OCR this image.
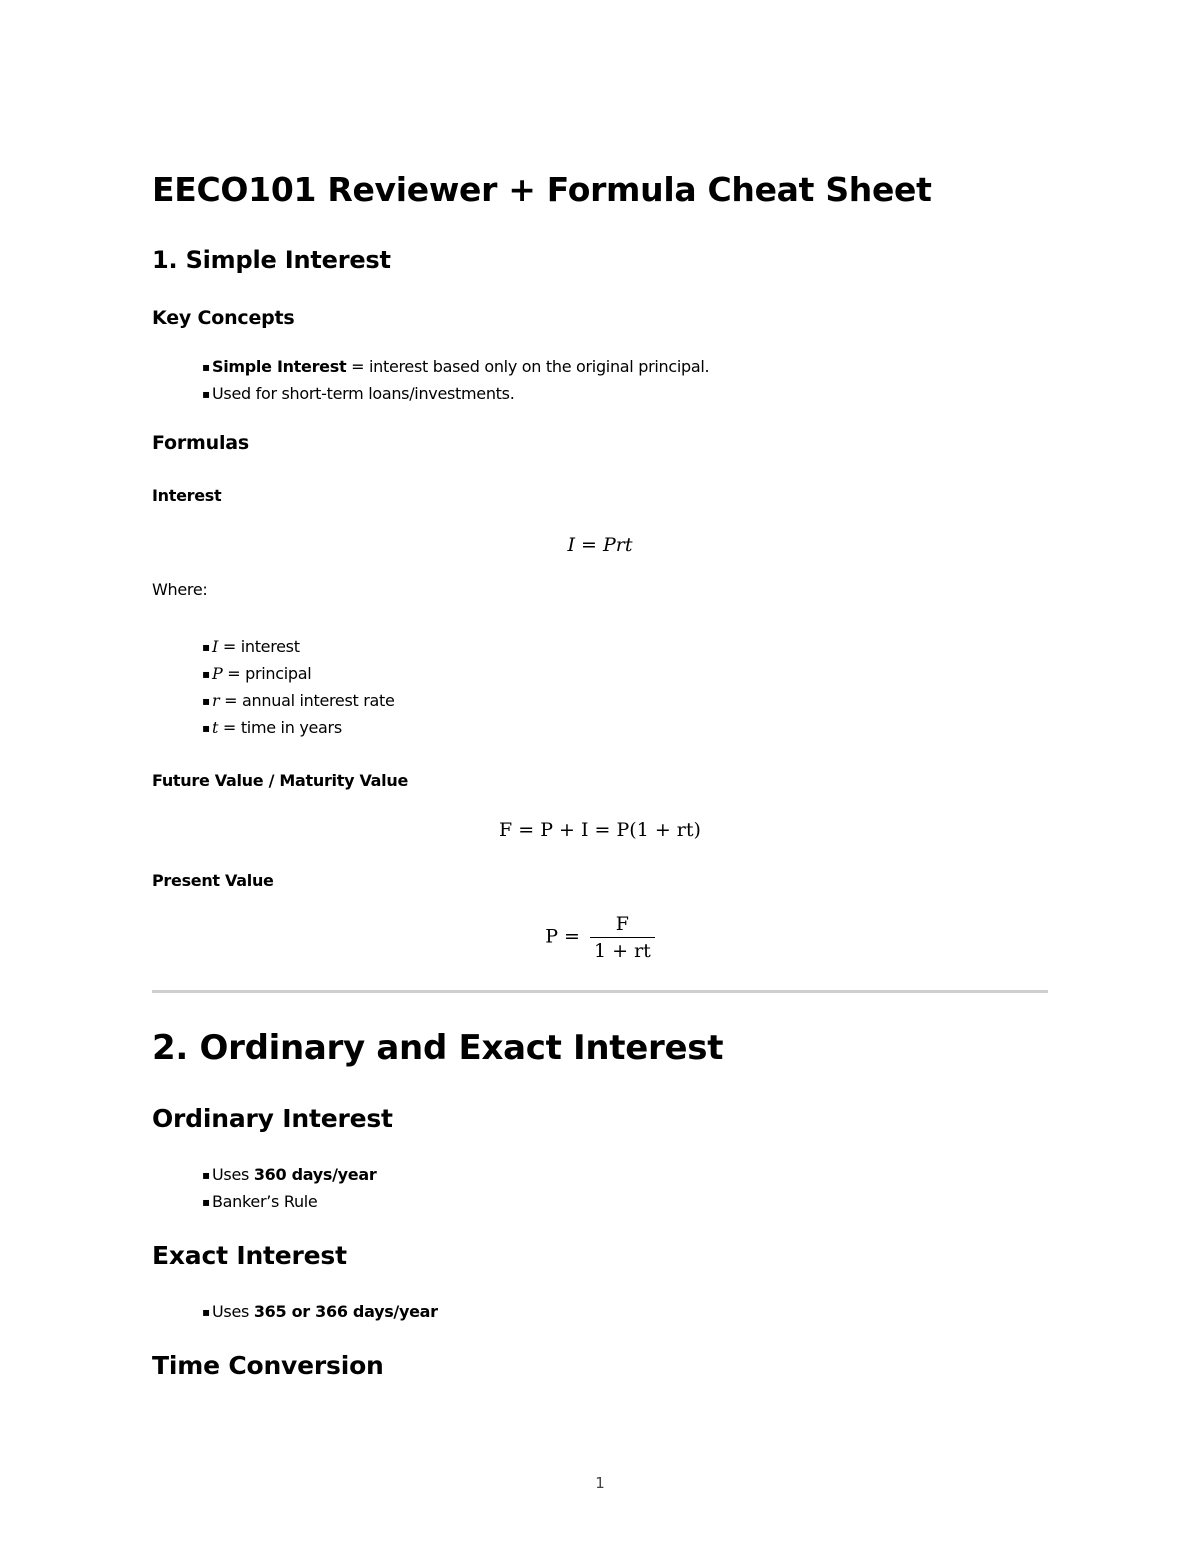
EECO101 Reviewer + Formula Cheat Sheet
1. Simple Interest
Key Concepts
▪ Simple Interest = interest based only on the original principal.
▪ Used for short-term loans/investments.
Formulas
Interest
I = Prt
Where:
▪ I = interest
▪ P = principal
▪ r = annual interest rate
▪ t = time in years
Future Value / Maturity Value
F = P + I = P(1 + rt)
Present Value
$P = \frac{F}{1 + rt}$
2. Ordinary and Exact Interest
Ordinary Interest
▪ Uses 360 days/year
▪ Banker’s Rule
Exact Interest
▪ Uses 365 or 366 days/year
Time Conversion
1
